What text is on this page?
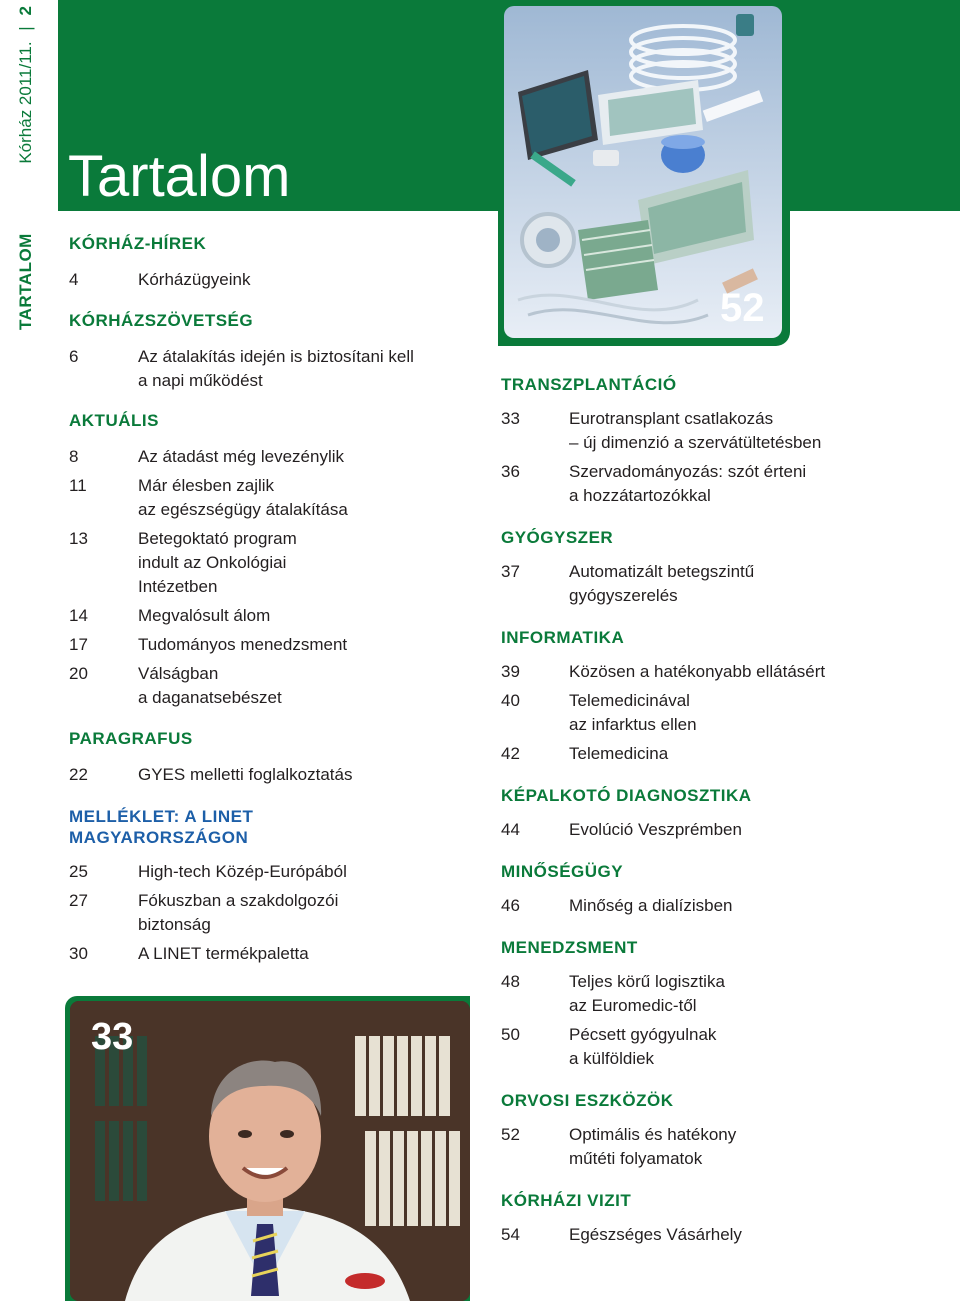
TARTALOM  Kórház 2011/11. | 2
Tartalom
52

KÓRHÁZ-HÍREK

4	Kórházügyeink

KÓRHÁZSZÖVETSÉG

6	Az átalakítás idején is biztosítani kell
a napi működést

AKTUÁLIS

8	Az átadást még levezénylik
11	Már élesben zajlik
az egészségügy átalakítása
13	Betegoktató program
indult az Onkológiai
Intézetben
14	Megvalósult álom
17	Tudományos menedzsment
20	Válságban
a daganatsebészet

PARAGRAFUS

22	GYES melletti foglalkoztatás

MELLÉKLET: A LINET MAGYARORSZÁGON

25	High-tech Közép-Európából
27	Fókuszban a szakdolgozói
biztonság
30	A LINET termékpaletta
33

TRANSZPLANTÁCIÓ

33	Eurotransplant csatlakozás
– új dimenzió a szervátültetésben
36	Szervadományozás: szót érteni
a hozzátartozókkal

GYÓGYSZER

37	Automatizált betegszintű
gyógyszerelés

INFORMATIKA

39	Közösen a hatékonyabb ellátásért
40	Telemedicinával
az infarktus ellen
42	Telemedicina

KÉPALKOTÓ DIAGNOSZTIKA

44	Evolúció Veszprémben

MINŐSÉGÜGY

46	Minőség a dialízisben

MENEDZSMENT

48	Teljes körű logisztika
az Euromedic-től
50	Pécsett gyógyulnak
a külföldiek

ORVOSI ESZKÖZÖK

52	Optimális és hatékony
műtéti folyamatok

KÓRHÁZI VIZIT

54	Egészséges Vásárhely
